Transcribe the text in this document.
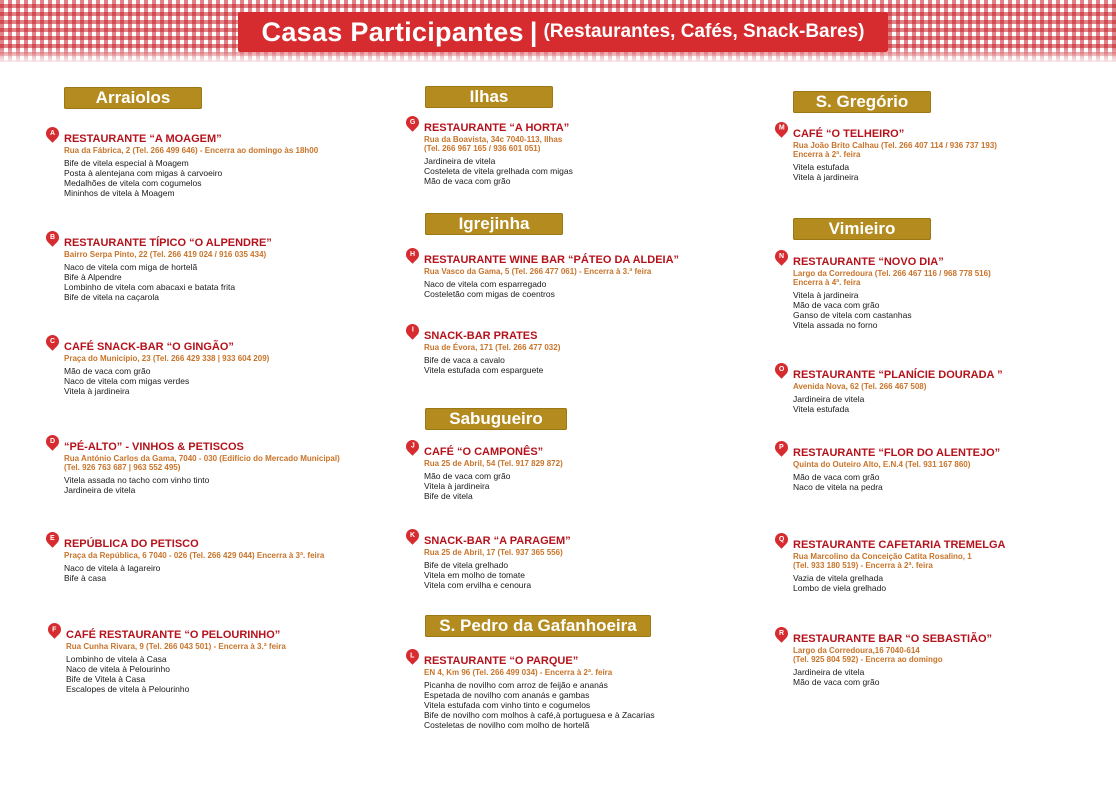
Casas Participantes | (Restaurantes, Cafés, Snack-Bares)
Arraiolos	Ilhas
Igrejinha
Sabugueiro
S. Pedro da Gafanhoeira
S. Gregório
Vimieiro
A RESTAURANTE “A MOAGEM”
Rua da Fábrica, 2 (Tel. 266 499 646) - Encerra ao domingo às 18h00
Bife de vitela especial à Moagem
Posta à alentejana com migas à carvoeiro
Medalhões de vitela com cogumelos
Mininhos de vitela à Moagem
B RESTAURANTE TÍPICO “O ALPENDRE”
Bairro Serpa Pinto, 22 (Tel. 266 419 024 / 916 035 434)
Naco de vitela com miga de hortelã
Bife à Alpendre
Lombinho de vitela com abacaxi e batata frita
Bife de vitela na caçarola
C CAFÉ SNACK-BAR “O GINGÃO”
Praça do Município, 23 (Tel. 266 429 338 | 933 604 209)
Mão de vaca com grão
Naco de vitela com migas verdes
Vitela à jardineira
D “PÉ-ALTO” - VINHOS & PETISCOS
Rua António Carlos da Gama, 7040 - 030 (Edifício do Mercado Municipal)
(Tel. 926 763 687 | 963 552 495)
Vitela assada no tacho com vinho tinto
Jardineira de vitela
E REPÚBLICA DO PETISCO
Praça da República, 6 7040 - 026 (Tel. 266 429 044) Encerra à 3ª. feira
Naco de vitela à lagareiro
Bife à casa
F CAFÉ RESTAURANTE “O PELOURINHO”
Rua Cunha Rivara, 9 (Tel. 266 043 501) - Encerra à 3.ª feira
Lombinho de vitela à Casa
Naco de vitela à Pelourinho
Bife de Vitela à Casa
Escalopes de vitela à Pelourinho
G RESTAURANTE “A HORTA”
Rua da Boavista, 34c 7040-113, Ilhas
(Tel. 266 967 165 / 936 601 051)
Jardineira de vitela
Costeleta de vitela grelhada com migas
Mão de vaca com grão
H RESTAURANTE WINE BAR “PÁTEO DA ALDEIA”
Rua Vasco da Gama, 5 (Tel. 266 477 061) - Encerra à 3.ª feira
Naco de vitela com esparregado
Costeletão com migas de coentros
I SNACK-BAR PRATES
Rua de Évora, 171 (Tel. 266 477 032)
Bife de vaca a cavalo
Vitela estufada com esparguete
J CAFÉ “O CAMPONÊS”
Rua 25 de Abril, 54 (Tel. 917 829 872)
Mão de vaca com grão
Vitela à jardineira
Bife de vitela
K SNACK-BAR “A PARAGEM”
Rua 25 de Abril, 17 (Tel. 937 365 556)
Bife de vitela grelhado
Vitela em molho de tomate
Vitela com ervilha e cenoura
L RESTAURANTE “O PARQUE”
EN 4, Km 96 (Tel. 266 499 034) - Encerra à 2ª. feira
Picanha de novilho com arroz de feijão e ananás
Espetada de novilho com ananás e gambas
Vitela estufada com vinho tinto e cogumelos
Bife de novilho com molhos à café,à portuguesa e à Zacarias
Costeletas de novilho com molho de hortelã
M CAFÉ “O TELHEIRO”
Rua João Brito Calhau (Tel. 266 407 114 / 936 737 193)
Encerra à 2ª. feira
Vitela estufada
Vitela à jardineira
N RESTAURANTE “NOVO DIA”
Largo da Corredoura (Tel. 266 467 116 / 968 778 516)
Encerra à 4ª. feira
Vitela à jardineira
Mão de vaca com grão
Ganso de vitela com castanhas
Vitela assada no forno
O RESTAURANTE “PLANÍCIE DOURADA ”
Avenida Nova, 62 (Tel. 266 467 508)
Jardineira de vitela
Vitela estufada
P RESTAURANTE “FLOR DO ALENTEJO”
Quinta do Outeiro Alto, E.N.4 (Tel. 931 167 860)
Mão de vaca com grão
Naco de vitela na pedra
Q RESTAURANTE CAFETARIA TREMELGA
Rua Marcolino da Conceição Catita Rosalino, 1
(Tel. 933 180 519) - Encerra à 2ª. feira
Vazia de vitela grelhada
Lombo de viela grelhado
R RESTAURANTE BAR “O SEBASTIÃO”
Largo da Corredoura,16 7040-614
(Tel. 925 804 592) - Encerra ao domingo
Jardineira de vitela
Mão de vaca com grão
